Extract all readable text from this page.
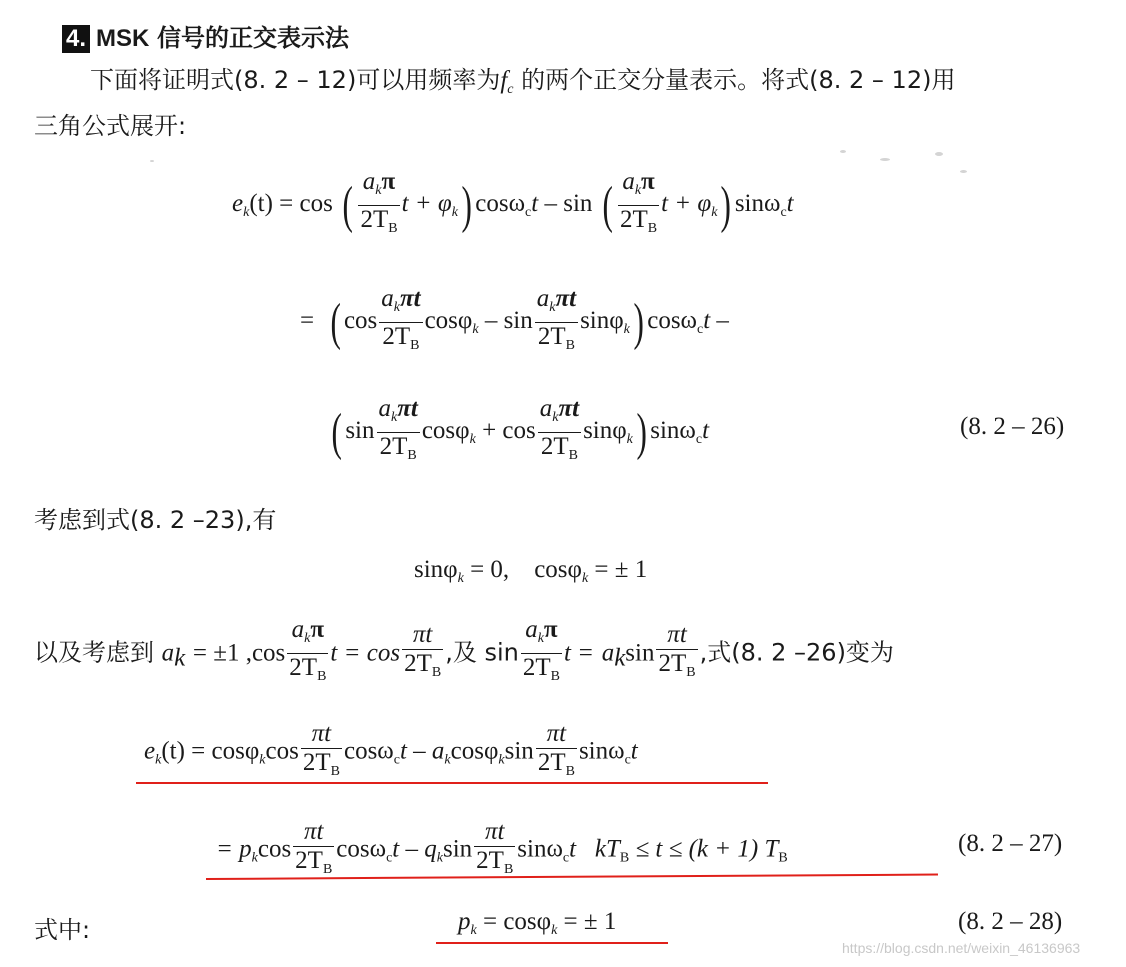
4. MSK 信号的正交表示法
下面将证明式(8. 2 – 12)可以用频率为$f_c$ 的两个正交分量表示。将式(8. 2 – 12)用
三角公式展开:
$e_k(t) = \cos$ ( $\frac{a_k\pi}{2T_B}$ $t + \varphi_k$) cosω$_c$t – sin ( $\frac{a_k\pi}{2T_B}$ $t + \varphi_k$) sinω$_c$t
= ( $\cos \frac{a_k\pi t}{2T_B} \cos\varphi_k$ – $\sin \frac{a_k\pi t}{2T_B} \sin\varphi_k$) cosω$_c$t –
( $\sin \frac{a_k\pi t}{2T_B} \cos\varphi_k + \cos \frac{a_k\pi t}{2T_B} \sin\varphi_k$) sinω$_c$t	(8. 2 – 26)
考虑到式(8. 2 –23),有
sinφ$_k$ = 0, cosφ$_k$ = ± 1
以及考虑到 $a_k = \pm 1$ $,\cos \frac{a_k\pi}{2T_B}$ $t = \cos \frac{\pi t}{2T_B}$ ,及 $\sin \frac{a_k\pi}{2T_B}$ $t = a_k\sin \frac{\pi t}{2T_B}$ ,式(8. 2 –26)变为
$e_k(t) = \cos\varphi_k\cos \frac{\pi t}{2T_B} \cos\omega_ct - a_k\cos\varphi_k\sin \frac{\pi t}{2T_B} \sin\omega_ct$
= $p_k\cos \frac{\pi t}{2T_B} \cos\omega_ct - q_k\sin \frac{\pi t}{2T_B} \sin\omega_ct$ $kT_B \le t \le (k + 1)$ $T_B$
(8. 2 – 27)
式中:	$p_k = \cos\varphi_k$ = ± 1	(8. 2 – 28)
https://blog.csdn.net/weixin_46136963
